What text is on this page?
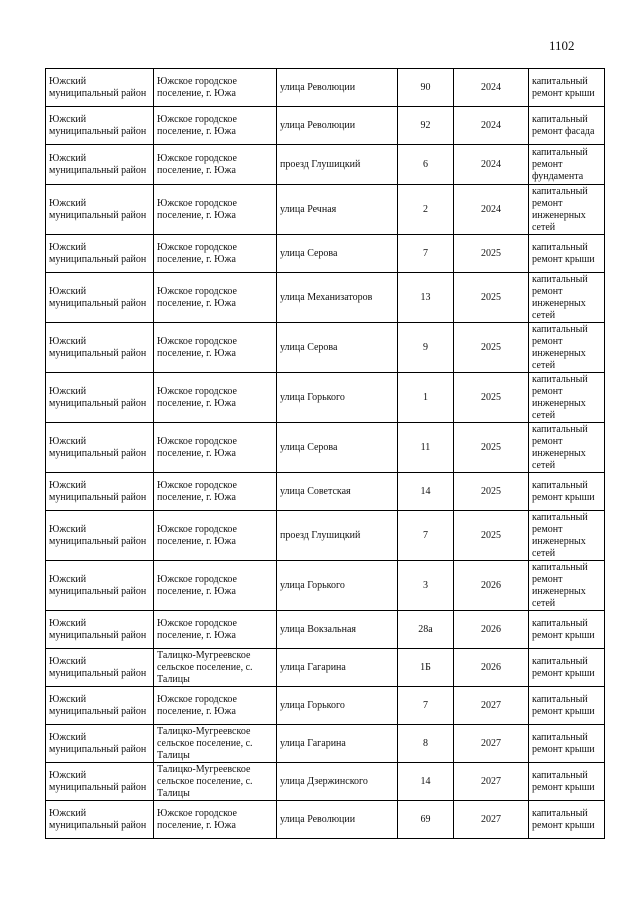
1102
Южский муниципальный район	Южское городское поселение, г. Южа	улица Революции	90	2024	капитальный ремонт крыши
Южский муниципальный район	Южское городское поселение, г. Южа	улица Революции	92	2024	капитальный ремонт фасада
Южский муниципальный район	Южское городское поселение, г. Южа	проезд Глушицкий	6	2024	капитальный ремонт фундамента
Южский муниципальный район	Южское городское поселение, г. Южа	улица Речная	2	2024	капитальный ремонт инженерных сетей
Южский муниципальный район	Южское городское поселение, г. Южа	улица Серова	7	2025	капитальный ремонт крыши
Южский муниципальный район	Южское городское поселение, г. Южа	улица Механизаторов	13	2025	капитальный ремонт инженерных сетей
Южский муниципальный район	Южское городское поселение, г. Южа	улица Серова	9	2025	капитальный ремонт инженерных сетей
Южский муниципальный район	Южское городское поселение, г. Южа	улица Горького	1	2025	капитальный ремонт инженерных сетей
Южский муниципальный район	Южское городское поселение, г. Южа	улица Серова	11	2025	капитальный ремонт инженерных сетей
Южский муниципальный район	Южское городское поселение, г. Южа	улица Советская	14	2025	капитальный ремонт крыши
Южский муниципальный район	Южское городское поселение, г. Южа	проезд Глушицкий	7	2025	капитальный ремонт инженерных сетей
Южский муниципальный район	Южское городское поселение, г. Южа	улица Горького	3	2026	капитальный ремонт инженерных сетей
Южский муниципальный район	Южское городское поселение, г. Южа	улица Вокзальная	28а	2026	капитальный ремонт крыши
Южский муниципальный район	Талицко-Мугреевское сельское поселение, с. Талицы	улица Гагарина	1Б	2026	капитальный ремонт крыши
Южский муниципальный район	Южское городское поселение, г. Южа	улица Горького	7	2027	капитальный ремонт крыши
Южский муниципальный район	Талицко-Мугреевское сельское поселение, с. Талицы	улица Гагарина	8	2027	капитальный ремонт крыши
Южский муниципальный район	Талицко-Мугреевское сельское поселение, с. Талицы	улица Дзержинского	14	2027	капитальный ремонт крыши
Южский муниципальный район	Южское городское поселение, г. Южа	улица Революции	69	2027	капитальный ремонт крыши
